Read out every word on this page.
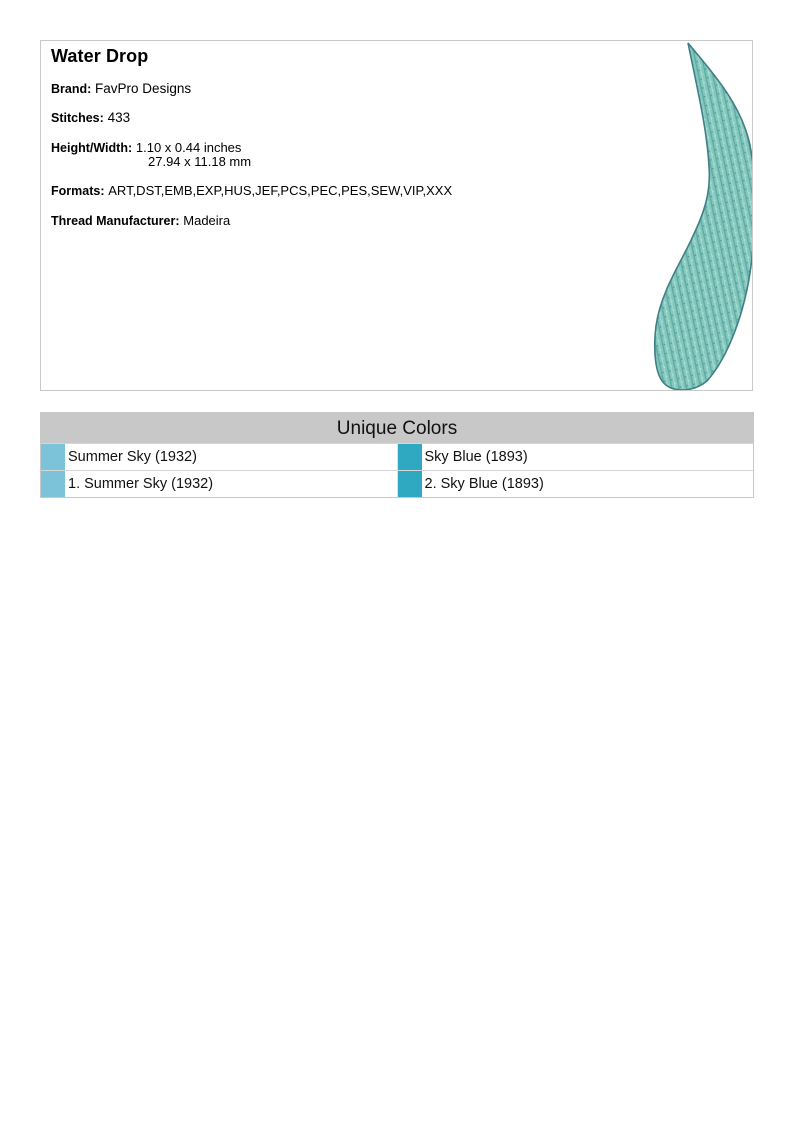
Water Drop
Brand: FavPro Designs
Stitches: 433
Height/Width: 1.10 x 0.44 inches
27.94 x 11.18 mm
Formats: ART,DST,EMB,EXP,HUS,JEF,PCS,PEC,PES,SEW,VIP,XXX
Thread Manufacturer: Madeira
Unique Colors
Summer Sky (1932)	Sky Blue (1893)
1. Summer Sky (1932)	2. Sky Blue (1893)
